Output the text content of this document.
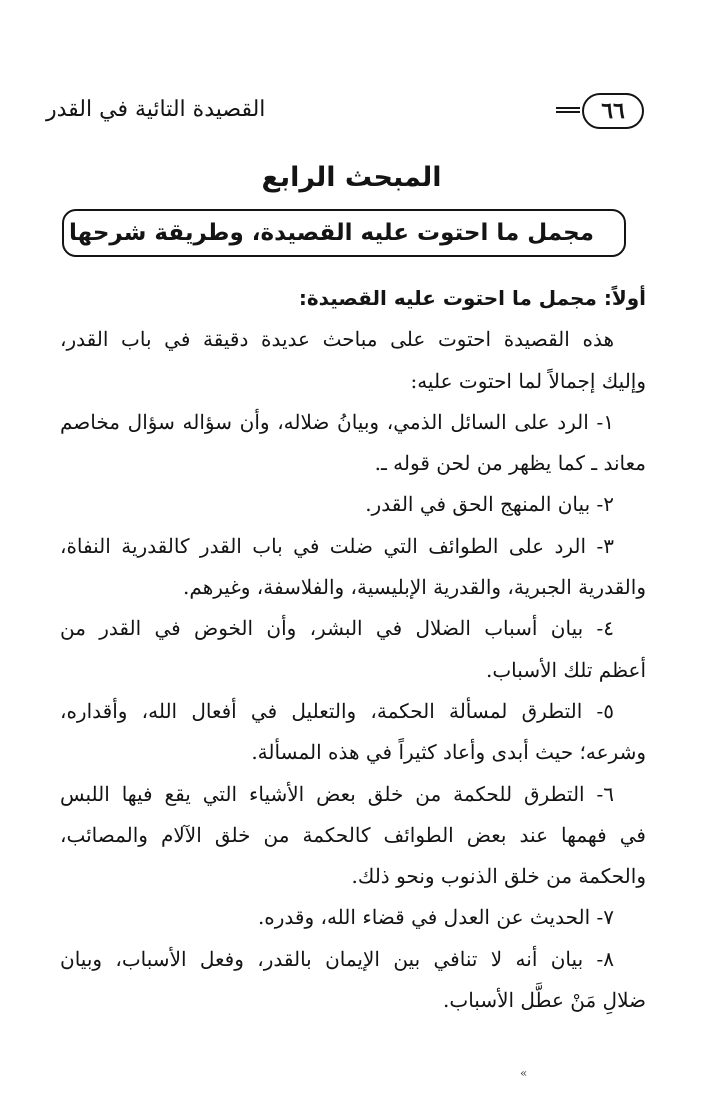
٦٦
القصيدة التائية في القدر
المبحث الرابع
مجمل ما احتوت عليه القصيدة، وطريقة شرحها
أولاً: مجمل ما احتوت عليه القصيدة:
هذه القصيدة احتوت على مباحث عديدة دقيقة في باب القدر،
وإليك إجمالاً لما احتوت عليه:
١- الرد على السائل الذمي، وبيانُ ضلاله، وأن سؤاله سؤال مخاصم
معاند ـ كما يظهر من لحن قوله ـ.
٢- بيان المنهج الحق في القدر.
٣- الرد على الطوائف التي ضلت في باب القدر كالقدرية النفاة،
والقدرية الجبرية، والقدرية الإبليسية، والفلاسفة، وغيرهم.
٤- بيان أسباب الضلال في البشر، وأن الخوض في القدر من
أعظم تلك الأسباب.
٥- التطرق لمسألة الحكمة، والتعليل في أفعال الله، وأقداره،
وشرعه؛ حيث أبدى وأعاد كثيراً في هذه المسألة.
٦- التطرق للحكمة من خلق بعض الأشياء التي يقع فيها اللبس
في فهمها عند بعض الطوائف كالحكمة من خلق الآلام والمصائب،
والحكمة من خلق الذنوب ونحو ذلك.
٧- الحديث عن العدل في قضاء الله، وقدره.
٨- بيان أنه لا تنافي بين الإيمان بالقدر، وفعل الأسباب، وبيان
ضلالِ مَنْ عطَّل الأسباب.
»
